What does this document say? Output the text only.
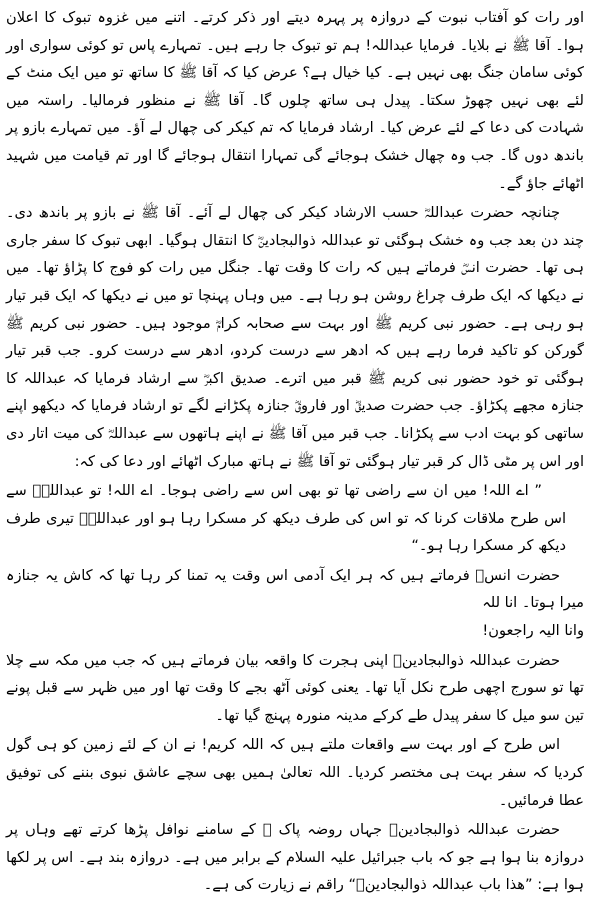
اور رات کو آفتاب نبوت کے دروازہ پر پہرہ دیتے اور ذکر کرتے۔ اتنے میں غزوہ تبوک کا اعلان ہوا۔ آقا ﷺ نے بلایا۔ فرمایا عبداللہ! ہم تو تبوک جا رہے ہیں۔ تمہارے پاس تو کوئی سواری اور کوئی سامان جنگ بھی نہیں ہے۔ کیا خیال ہے؟ عرض کیا کہ آقا ﷺ کا ساتھ تو میں ایک منٹ کے لئے بھی نہیں چھوڑ سکتا۔ پیدل ہی ساتھ چلوں گا۔ آقا ﷺ نے منظور فرمالیا۔ راستہ میں شہادت کی دعا کے لئے عرض کیا۔ ارشاد فرمایا کہ تم کیکر کی چھال لے آؤ۔ میں تمہارے بازو پر باندھ دوں گا۔ جب وہ چھال خشک ہوجائے گی تمہارا انتقال ہوجائے گا اور تم قیامت میں شہید اٹھائے جاؤ گے۔

چنانچہ حضرت عبداللہؓ حسب الارشاد کیکر کی چھال لے آئے۔ آقا ﷺ نے بازو پر باندھ دی۔ چند دن بعد جب وہ خشک ہوگئی تو عبداللہ ذوالبجادینؓ کا انتقال ہوگیا۔ ابھی تبوک کا سفر جاری ہی تھا۔ حضرت انسؓ فرماتے ہیں کہ رات کا وقت تھا۔ جنگل میں رات کو فوج کا پڑاؤ تھا۔ میں نے دیکھا کہ ایک طرف چراغ روشن ہو رہا ہے۔ میں وہاں پہنچا تو میں نے دیکھا کہ ایک قبر تیار ہو رہی ہے۔ حضور نبی کریم ﷺ اور بہت سے صحابہ کرامؓ موجود ہیں۔ حضور نبی کریم ﷺ گورکن کو تاکید فرما رہے ہیں کہ ادھر سے درست کردو، ادھر سے درست کرو۔ جب قبر تیار ہوگئی تو خود حضور نبی کریم ﷺ قبر میں اترے۔ صدیق اکبرؓ سے ارشاد فرمایا کہ عبداللہ کا جنازہ مجھے پکڑاؤ۔ جب حضرت صدیقؓ اور فاروقؓ جنازہ پکڑانے لگے تو ارشاد فرمایا کہ دیکھو اپنے ساتھی کو بہت ادب سے پکڑانا۔ جب قبر میں آقا ﷺ نے اپنے ہاتھوں سے عبداللہؓ کی میت اتار دی اور اس پر مٹی ڈال کر قبر تیار ہوگئی تو آقا ﷺ نے ہاتھ مبارک اٹھائے اور دعا کی کہ:

” اے اللہ! میں ان سے راضی تھا تو بھی اس سے راضی ہوجا۔ اے اللہ! تو عبداللہؓ سے اس طرح ملاقات کرنا کہ تو اس کی طرف دیکھ کر مسکرا رہا ہو اور عبداللہؓ تیری طرف دیکھ کر مسکرا رہا ہو۔“

حضرت انسؓ فرماتے ہیں کہ ہر ایک آدمی اس وقت یہ تمنا کر رہا تھا کہ کاش یہ جنازہ میرا ہوتا۔ انا للہ

وانا الیہ راجعون!

حضرت عبداللہ ذوالبجادینؓ اپنی ہجرت کا واقعہ بیان فرماتے ہیں کہ جب میں مکہ سے چلا تھا تو سورج اچھی طرح نکل آیا تھا۔ یعنی کوئی آٹھ بجے کا وقت تھا اور میں ظہر سے قبل پونے تین سو میل کا سفر پیدل طے کرکے مدینہ منورہ پہنچ گیا تھا۔

اس طرح کے اور بہت سے واقعات ملتے ہیں کہ اللہ کریم! نے ان کے لئے زمین کو ہی گول کردیا کہ سفر بہت ہی مختصر کردیا۔ اللہ تعالیٰ ہمیں بھی سچے عاشق نبوی بننے کی توفیق عطا فرمائیں۔

حضرت عبداللہ ذوالبجادینؓ جہاں روضہ پاک ﷺ کے سامنے نوافل پڑھا کرتے تھے وہاں پر دروازہ بنا ہوا ہے جو کہ باب جبرائیل علیہ السلام کے برابر میں ہے۔ دروازہ بند ہے۔ اس پر لکھا ہوا ہے: ”ھذا باب عبداللہ ذوالبجادینؓ“ راقم نے زیارت کی ہے۔
